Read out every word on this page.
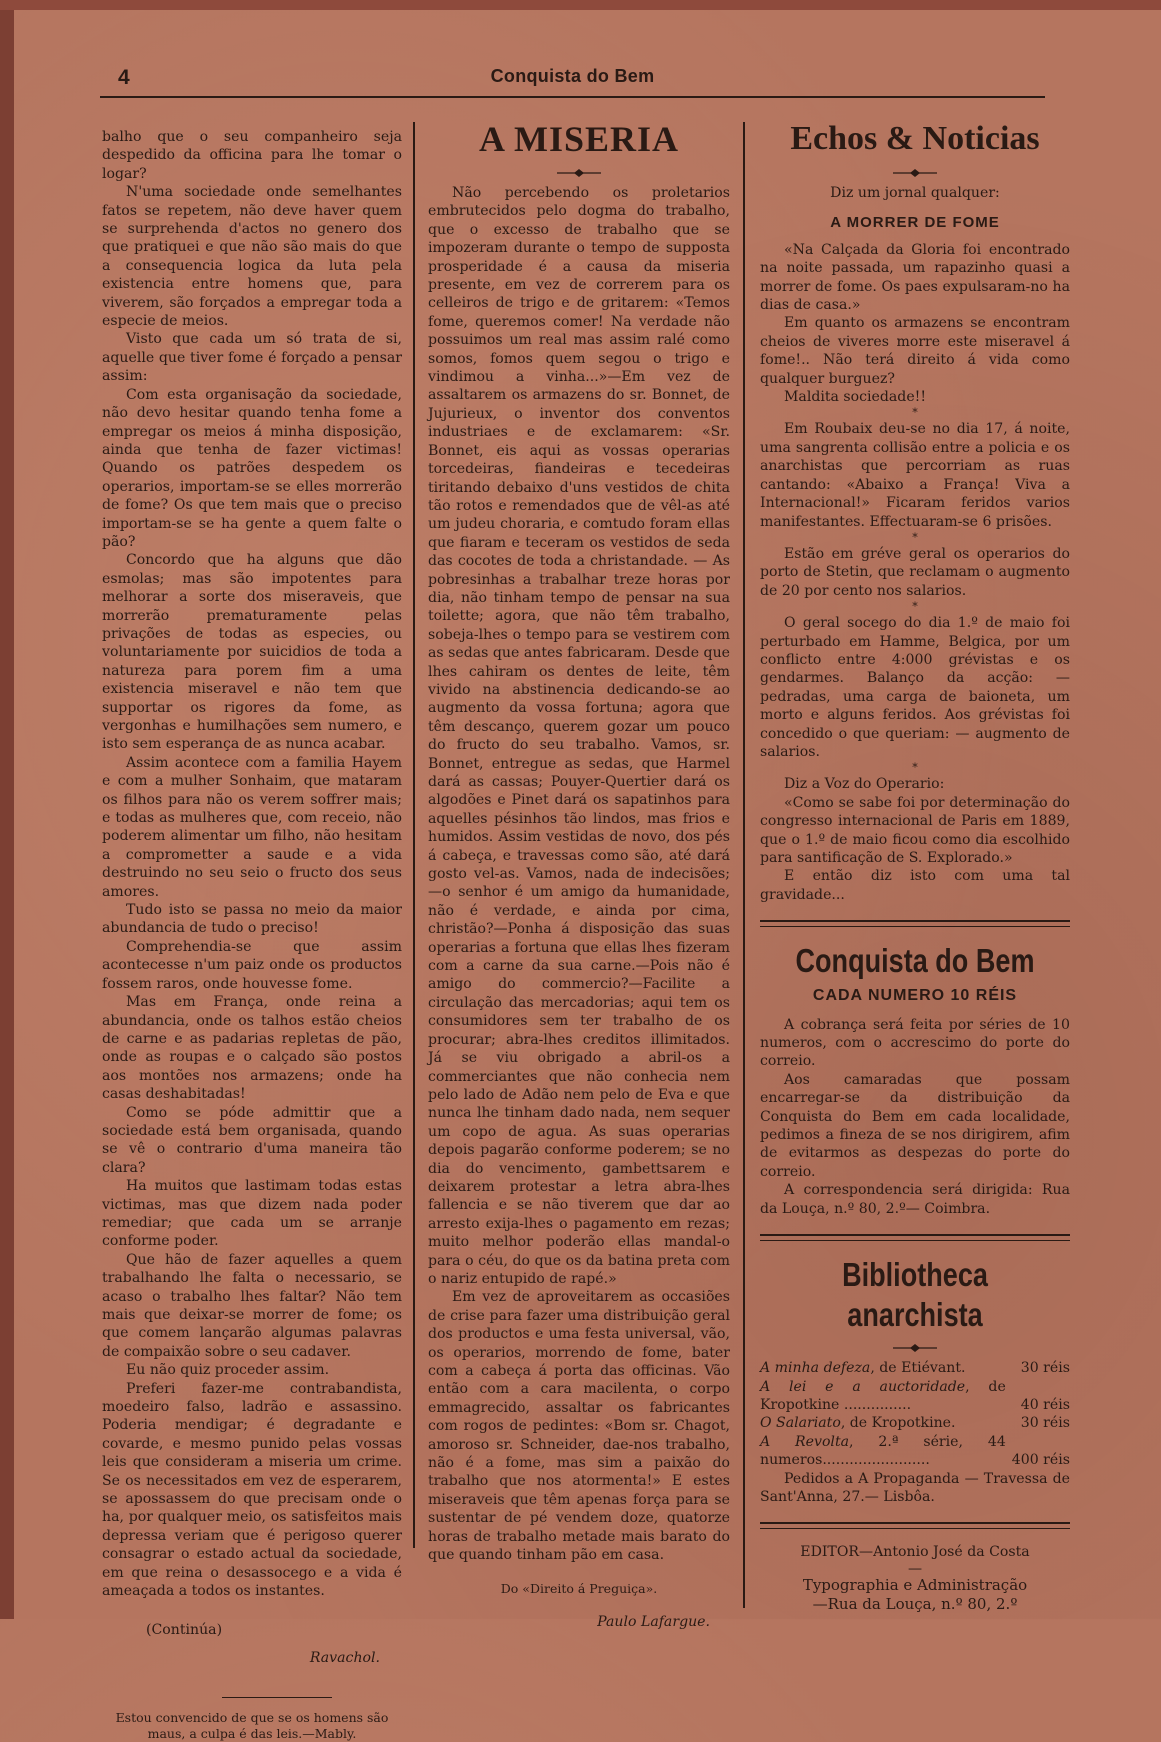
4	Conquista do Bem

balho que o seu companheiro seja despedido da officina para lhe tomar o logar?

N'uma sociedade onde semelhantes fatos se repetem, não deve haver quem se surprehenda d'actos no genero dos que pratiquei e que não são mais do que a consequencia logica da luta pela existencia entre homens que, para viverem, são forçados a empregar toda a especie de meios.

Visto que cada um só trata de si, aquelle que tiver fome é forçado a pensar assim:

Com esta organisação da sociedade, não devo hesitar quando tenha fome a empregar os meios á minha disposição, ainda que tenha de fazer victimas! Quando os patrões despedem os operarios, importam-se se elles morrerão de fome? Os que tem mais que o preciso importam-se se ha gente a quem falte o pão?

Concordo que ha alguns que dão esmolas; mas são impotentes para melhorar a sorte dos miseraveis, que morrerão prematuramente pelas privações de todas as especies, ou voluntariamente por suicidios de toda a natureza para porem fim a uma existencia miseravel e não tem que supportar os rigores da fome, as vergonhas e humilhações sem numero, e isto sem esperança de as nunca acabar.

Assim acontece com a familia Hayem e com a mulher Sonhaim, que mataram os filhos para não os verem soffrer mais; e todas as mulheres que, com receio, não poderem alimentar um filho, não hesitam a comprometter a saude e a vida destruindo no seu seio o fructo dos seus amores.

Tudo isto se passa no meio da maior abundancia de tudo o preciso!

Comprehendia-se que assim acontecesse n'um paiz onde os productos fossem raros, onde houvesse fome.

Mas em França, onde reina a abundancia, onde os talhos estão cheios de carne e as padarias repletas de pão, onde as roupas e o calçado são postos aos montões nos armazens; onde ha casas deshabitadas!

Como se póde admittir que a sociedade está bem organisada, quando se vê o contrario d'uma maneira tão clara?

Ha muitos que lastimam todas estas victimas, mas que dizem nada poder remediar; que cada um se arranje conforme poder.

Que hão de fazer aquelles a quem trabalhando lhe falta o necessario, se acaso o trabalho lhes faltar? Não tem mais que deixar-se morrer de fome; os que comem lançarão algumas palavras de compaixão sobre o seu cadaver.

Eu não quiz proceder assim.

Preferi fazer-me contrabandista, moedeiro falso, ladrão e assassino. Poderia mendigar; é degradante e covarde, e mesmo punido pelas vossas leis que consideram a miseria um crime. Se os necessitados em vez de esperarem, se apossassem do que precisam onde o ha, por qualquer meio, os satisfeitos mais depressa veriam que é perigoso querer consagrar o estado actual da sociedade, em que reina o desassocego e a vida é ameaçada a todos os instantes.

(Continúa)
Ravachol.
Estou convencido de que se os homens são maus, a culpa é das leis.—Mably.
A MISERIA

Não percebendo os proletarios embrutecidos pelo dogma do trabalho, que o excesso de trabalho que se impozeram durante o tempo de supposta prosperidade é a causa da miseria presente, em vez de correrem para os celleiros de trigo e de gritarem: «Temos fome, queremos comer! Na verdade não possuimos um real mas assim ralé como somos, fomos quem segou o trigo e vindimou a vinha...»—Em vez de assaltarem os armazens do sr. Bonnet, de Jujurieux, o inventor dos conventos industriaes e de exclamarem: «Sr. Bonnet, eis aqui as vossas operarias torcedeiras, fiandeiras e tecedeiras tiritando debaixo d'uns vestidos de chita tão rotos e remendados que de vêl-as até um judeu choraria, e comtudo foram ellas que fiaram e teceram os vestidos de seda das cocotes de toda a christandade. — As pobresinhas a trabalhar treze horas por dia, não tinham tempo de pensar na sua toilette; agora, que não têm trabalho, sobeja-lhes o tempo para se vestirem com as sedas que antes fabricaram. Desde que lhes cahiram os dentes de leite, têm vivido na abstinencia dedicando-se ao augmento da vossa fortuna; agora que têm descanço, querem gozar um pouco do fructo do seu trabalho. Vamos, sr. Bonnet, entregue as sedas, que Harmel dará as cassas; Pouyer-Quertier dará os algodões e Pinet dará os sapatinhos para aquelles pésinhos tão lindos, mas frios e humidos. Assim vestidas de novo, dos pés á cabeça, e travessas como são, até dará gosto vel-as. Vamos, nada de indecisões;—o senhor é um amigo da humanidade, não é verdade, e ainda por cima, christão?—Ponha á disposição das suas operarias a fortuna que ellas lhes fizeram com a carne da sua carne.—Pois não é amigo do commercio?—Facilite a circulação das mercadorias; aqui tem os consumidores sem ter trabalho de os procurar; abra-lhes creditos illimitados. Já se viu obrigado a abril-os a commerciantes que não conhecia nem pelo lado de Adão nem pelo de Eva e que nunca lhe tinham dado nada, nem sequer um copo de agua. As suas operarias depois pagarão conforme poderem; se no dia do vencimento, gambettsarem e deixarem protestar a letra abra-lhes fallencia e se não tiverem que dar ao arresto exija-lhes o pagamento em rezas; muito melhor poderão ellas mandal-o para o céu, do que os da batina preta com o nariz entupido de rapé.»

Em vez de aproveitarem as occasiões de crise para fazer uma distribuição geral dos productos e uma festa universal, vão, os operarios, morrendo de fome, bater com a cabeça á porta das officinas. Vão então com a cara macilenta, o corpo emmagrecido, assaltar os fabricantes com rogos de pedintes: «Bom sr. Chagot, amoroso sr. Schneider, dae-nos trabalho, não é a fome, mas sim a paixão do trabalho que nos atormenta!» E estes miseraveis que têm apenas força para se sustentar de pé vendem doze, quatorze horas de trabalho metade mais barato do que quando tinham pão em casa.

Do «Direito á Preguiça».
Paulo Lafargue.
Echos & Noticias
Diz um jornal qualquer:
A MORRER DE FOME

«Na Calçada da Gloria foi encontrado na noite passada, um rapazinho quasi a morrer de fome. Os paes expulsaram-no ha dias de casa.»

Em quanto os armazens se encontram cheios de viveres morre este miseravel á fome!.. Não terá direito á vida como qualquer burguez?

Maldita sociedade!!

*

Em Roubaix deu-se no dia 17, á noite, uma sangrenta collisão entre a policia e os anarchistas que percorriam as ruas cantando: «Abaixo a França! Viva a Internacional!» Ficaram feridos varios manifestantes. Effectuaram-se 6 prisões.

*

Estão em gréve geral os operarios do porto de Stetin, que reclamam o augmento de 20 por cento nos salarios.

*

O geral socego do dia 1.º de maio foi perturbado em Hamme, Belgica, por um conflicto entre 4:000 grévistas e os gendarmes. Balanço da acção: — pedradas, uma carga de baioneta, um morto e alguns feridos. Aos grévistas foi concedido o que queriam: — augmento de salarios.

*

Diz a Voz do Operario:

«Como se sabe foi por determinação do congresso internacional de Paris em 1889, que o 1.º de maio ficou como dia escolhido para santificação de S. Explorado.»

E então diz isto com uma tal gravidade...

Conquista do Bem
CADA NUMERO 10 RÉIS

A cobrança será feita por séries de 10 numeros, com o accrescimo do porte do correio.

Aos camaradas que possam encarregar-se da distribuição da Conquista do Bem em cada localidade, pedimos a fineza de se nos dirigirem, afim de evitarmos as despezas do porte do correio.

A correspondencia será dirigida: Rua da Louça, n.º 80, 2.º— Coimbra.

Bibliotheca anarchista
A minha defeza, de Etiévant.	30 réis
A lei e a auctoridade, de Kropotkine ...............	40 réis
O Salariato, de Kropotkine.	30 réis
A Revolta, 2.ª série, 44 numeros........................	400 réis

Pedidos a A Propaganda — Travessa de Sant'Anna, 27.— Lisbôa.

EDITOR—Antonio José da Costa
—
Typographia e Administração
—Rua da Louça, n.º 80, 2.º
